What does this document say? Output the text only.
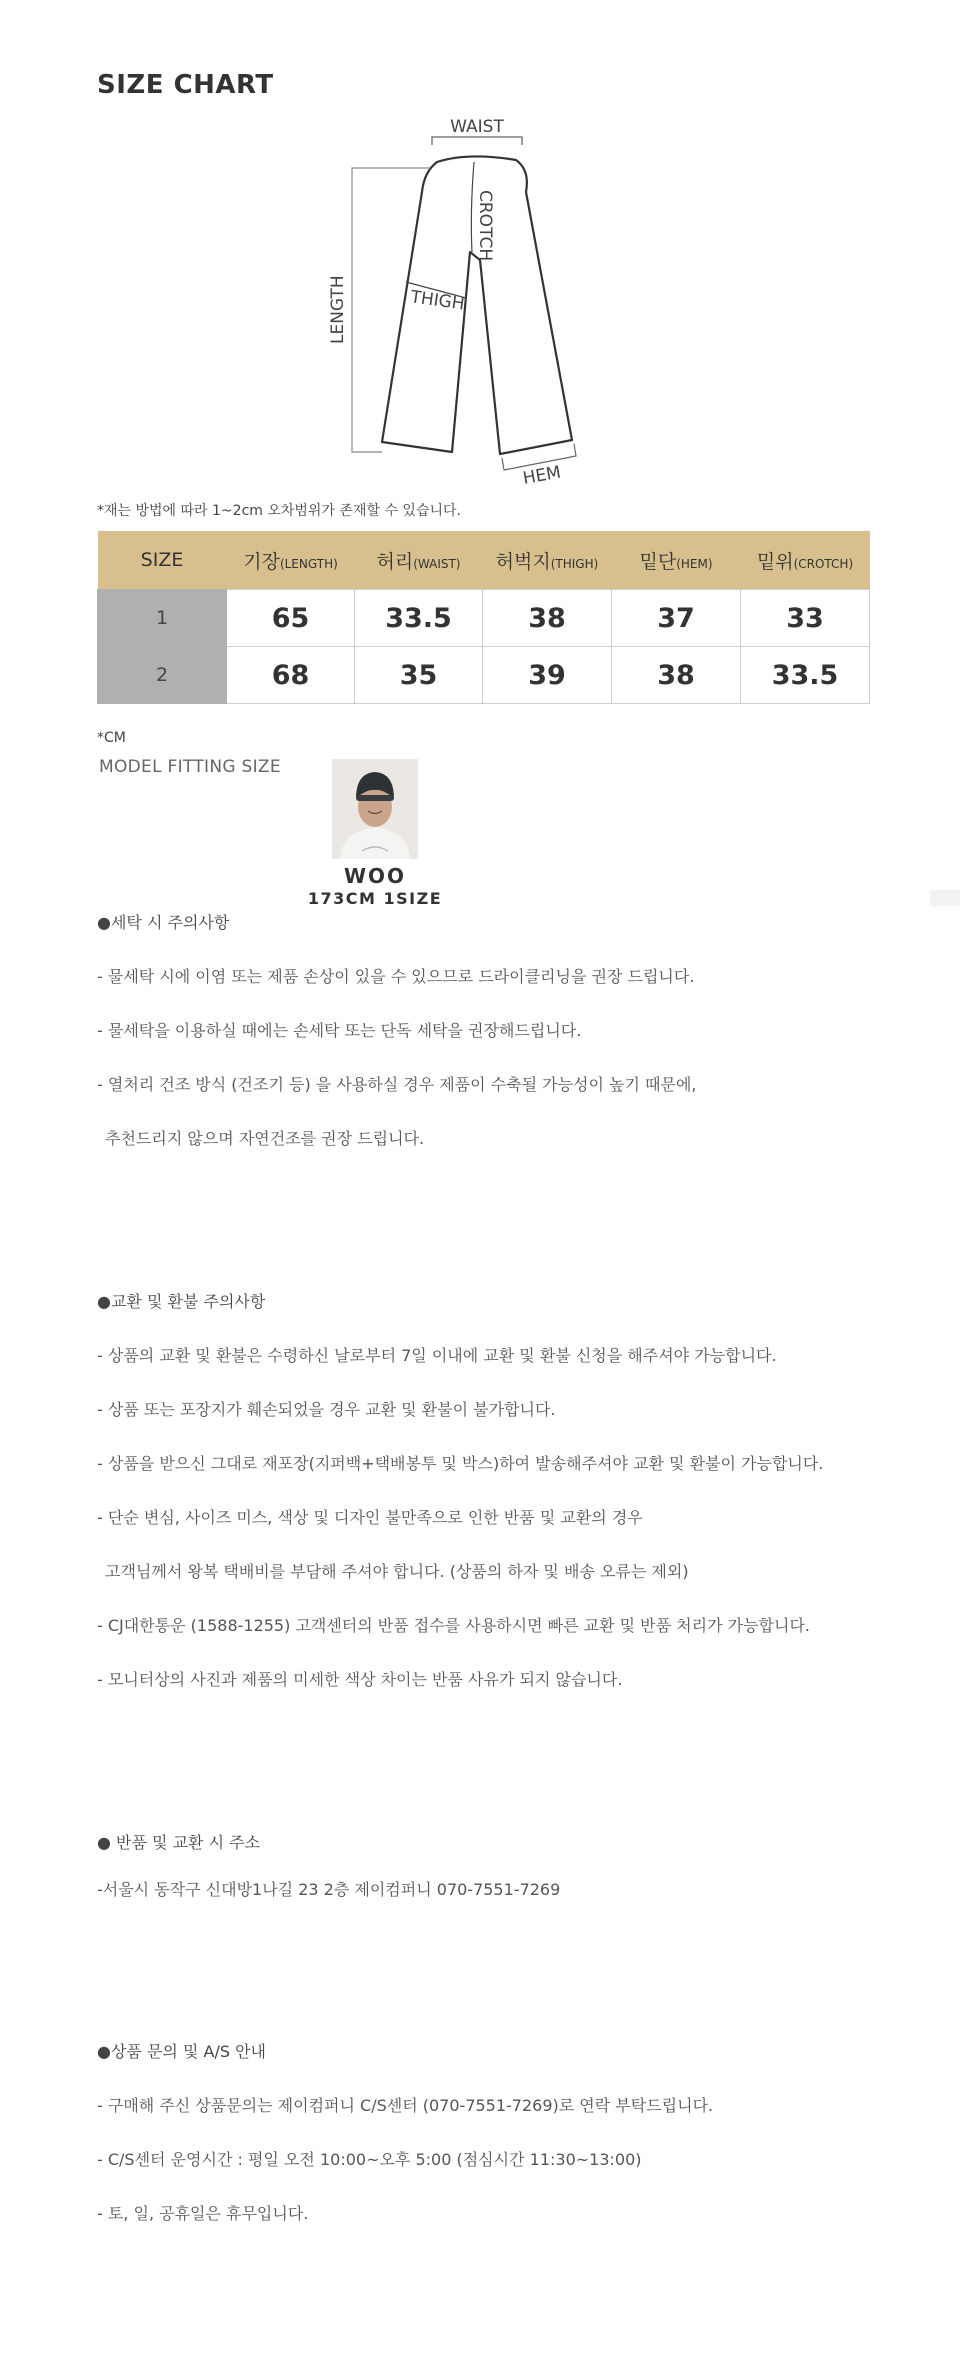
SIZE CHART
WAIST
CROTCH
THIGH
LENGTH
HEM
*재는 방법에 따라 1~2cm 오차범위가 존재할 수 있습니다.
SIZE	기장(LENGTH)	허리(WAIST)	허벅지(THIGH)	밑단(HEM)	밑위(CROTCH)
1	65	33.5	38	37	33
2	68	35	39	38	33.5
*CM
MODEL FITTING SIZE
WOO
173CM 1SIZE
●세탁 시 주의사항
- 물세탁 시에 이염 또는 제품 손상이 있을 수 있으므로 드라이클리닝을 권장 드립니다.
- 물세탁을 이용하실 때에는 손세탁 또는 단독 세탁을 권장해드립니다.
- 열처리 건조 방식 (건조기 등) 을 사용하실 경우 제품이 수축될 가능성이 높기 때문에,
추천드리지 않으며 자연건조를 권장 드립니다.
●교환 및 환불 주의사항
- 상품의 교환 및 환불은 수령하신 날로부터 7일 이내에 교환 및 환불 신청을 해주셔야 가능합니다.
- 상품 또는 포장지가 훼손되었을 경우 교환 및 환불이 불가합니다.
- 상품을 받으신 그대로 재포장(지퍼백+택배봉투 및 박스)하여 발송해주셔야 교환 및 환불이 가능합니다.
- 단순 변심, 사이즈 미스, 색상 및 디자인 불만족으로 인한 반품 및 교환의 경우
고객님께서 왕복 택배비를 부담해 주셔야 합니다. (상품의 하자 및 배송 오류는 제외)
- CJ대한통운 (1588-1255) 고객센터의 반품 접수를 사용하시면 빠른 교환 및 반품 처리가 가능합니다.
- 모니터상의 사진과 제품의 미세한 색상 차이는 반품 사유가 되지 않습니다.
● 반품 및 교환 시 주소
-서울시 동작구 신대방1나길 23 2층 제이컴퍼니 070-7551-7269
●상품 문의 및 A/S 안내
- 구매해 주신 상품문의는 제이컴퍼니 C/S센터 (070-7551-7269)로 연락 부탁드립니다.
- C/S센터 운영시간 : 평일 오전 10:00~오후 5:00 (점심시간 11:30~13:00)
- 토, 일, 공휴일은 휴무입니다.
